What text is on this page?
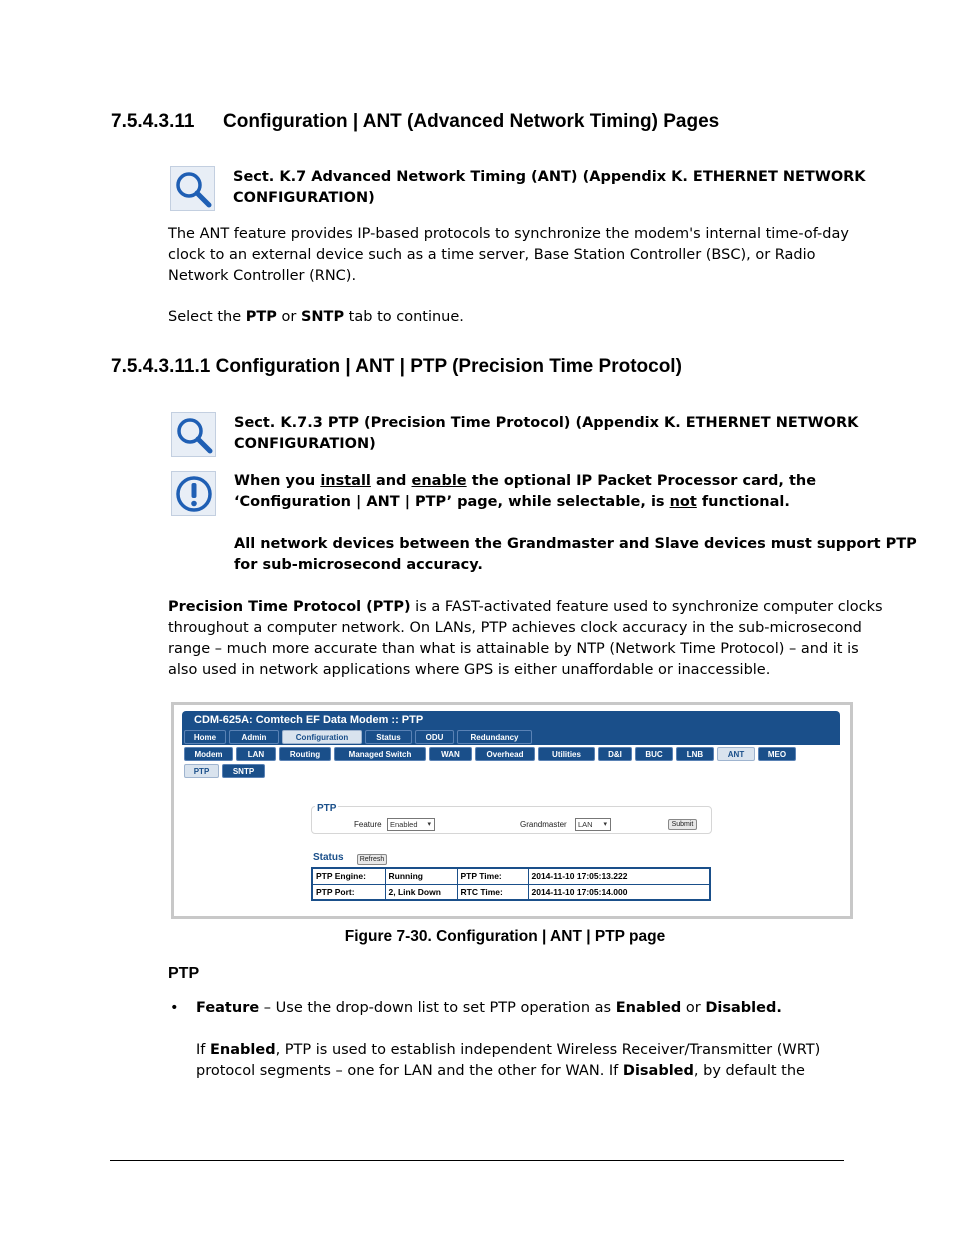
7.5.4.3.11 Configuration | ANT (Advanced Network Timing) Pages
Sect. K.7 Advanced Network Timing (ANT) (Appendix K. ETHERNET NETWORK
CONFIGURATION)
The ANT feature provides IP-based protocols to synchronize the modem's internal time-of-day
clock to an external device such as a time server, Base Station Controller (BSC), or Radio
Network Controller (RNC).
Select the PTP or SNTP tab to continue.
7.5.4.3.11.1 Configuration | ANT | PTP (Precision Time Protocol)
Sect. K.7.3 PTP (Precision Time Protocol) (Appendix K. ETHERNET NETWORK
CONFIGURATION)
When you install and enable the optional IP Packet Processor card, the
‘Configuration | ANT | PTP’ page, while selectable, is not functional.
All network devices between the Grandmaster and Slave devices must support PTP
for sub-microsecond accuracy.
Precision Time Protocol (PTP) is a FAST-activated feature used to synchronize computer clocks
throughout a computer network. On LANs, PTP achieves clock accuracy in the sub-microsecond
range – much more accurate than what is attainable by NTP (Network Time Protocol) – and it is
also used in network applications where GPS is either unaffordable or inaccessible.
CDM-625A: Comtech EF Data Modem :: PTP
Home	Admin	Configuration	Status	ODU	Redundancy
Modem	LAN	Routing	Managed Switch	WAN	Overhead	Utilities	D&I	BUC	LNB	ANT	MEO
PTP	SNTP
PTP
Feature	Enabled ▾	Grandmaster	LAN ▾	Submit
Status	Refresh
PTP Engine:	Running	PTP Time:	2014-11-10 17:05:13.222
PTP Port:	2, Link Down	RTC Time:	2014-11-10 17:05:14.000
Figure 7-30. Configuration | ANT | PTP page
PTP
• Feature – Use the drop-down list to set PTP operation as Enabled or Disabled.
If Enabled, PTP is used to establish independent Wireless Receiver/Transmitter (WRT)
protocol segments – one for LAN and the other for WAN. If Disabled, by default the
